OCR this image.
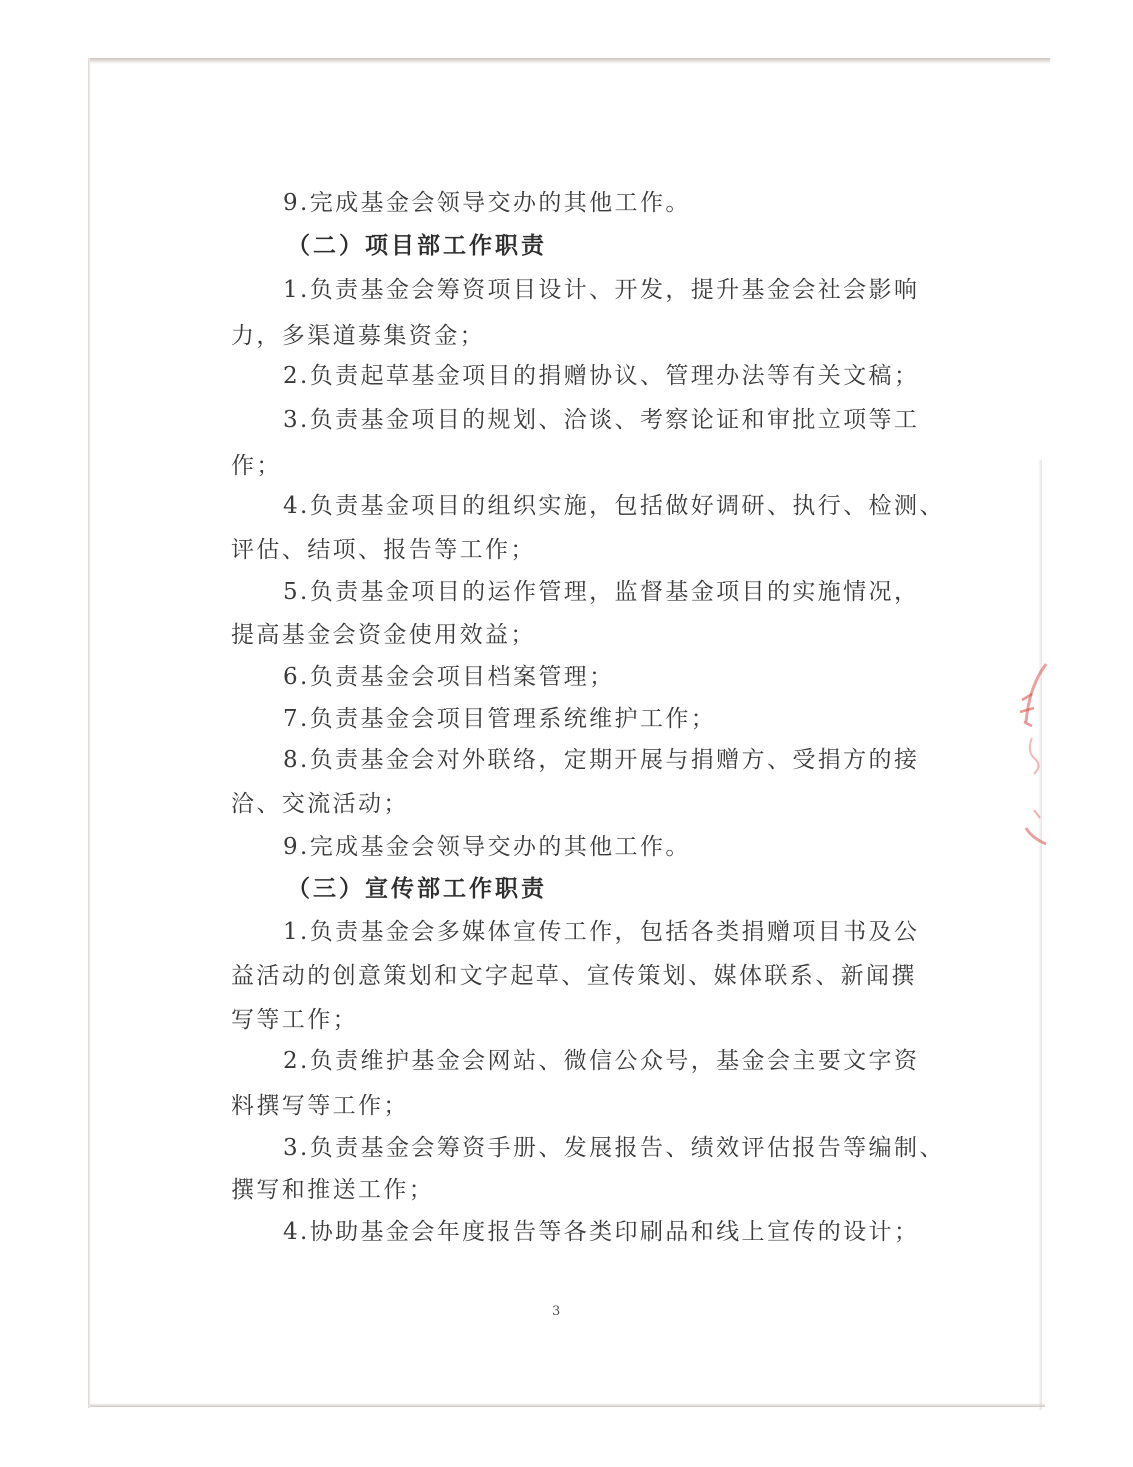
9.完成基金会领导交办的其他工作。
（二）项目部工作职责
1.负责基金会筹资项目设计、开发，提升基金会社会影响
力，多渠道募集资金；
2.负责起草基金项目的捐赠协议、管理办法等有关文稿；
3.负责基金项目的规划、洽谈、考察论证和审批立项等工
作；
4.负责基金项目的组织实施，包括做好调研、执行、检测、
评估、结项、报告等工作；
5.负责基金项目的运作管理，监督基金项目的实施情况，
提高基金会资金使用效益；
6.负责基金会项目档案管理；
7.负责基金会项目管理系统维护工作；
8.负责基金会对外联络，定期开展与捐赠方、受捐方的接
洽、交流活动；
9.完成基金会领导交办的其他工作。
（三）宣传部工作职责
1.负责基金会多媒体宣传工作，包括各类捐赠项目书及公
益活动的创意策划和文字起草、宣传策划、媒体联系、新闻撰
写等工作；
2.负责维护基金会网站、微信公众号，基金会主要文字资
料撰写等工作；
3.负责基金会筹资手册、发展报告、绩效评估报告等编制、
撰写和推送工作；
4.协助基金会年度报告等各类印刷品和线上宣传的设计；
3
